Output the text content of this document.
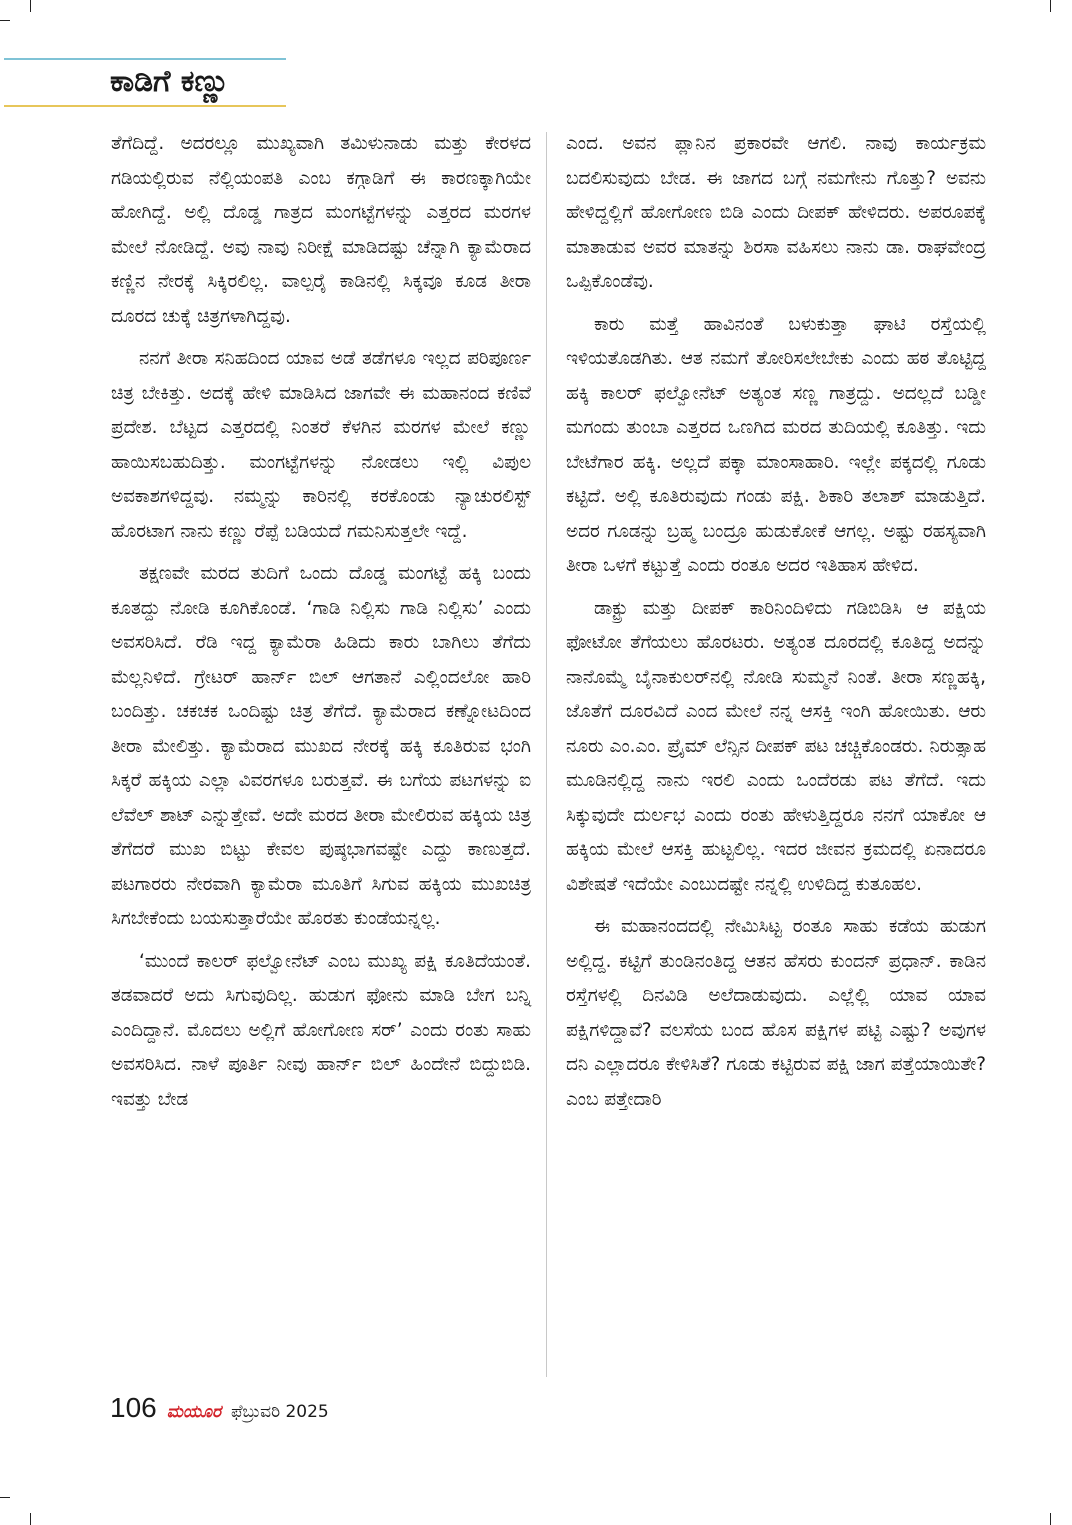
ಕಾಡಿಗೆ ಕಣ್ಣು

ತೆಗೆದಿದ್ದೆ. ಅದರಲ್ಲೂ ಮುಖ್ಯವಾಗಿ ತಮಿಳುನಾಡು ಮತ್ತು ಕೇರಳದ ಗಡಿಯಲ್ಲಿರುವ ನೆಲ್ಲಿಯಂಪತಿ ಎಂಬ ಕಗ್ಗಾಡಿಗೆ ಈ ಕಾರಣಕ್ಕಾಗಿಯೇ ಹೋಗಿದ್ದೆ. ಅಲ್ಲಿ ದೊಡ್ಡ ಗಾತ್ರದ ಮಂಗಟ್ಟೆಗಳನ್ನು ಎತ್ತರದ ಮರಗಳ ಮೇಲೆ ನೋಡಿದ್ದೆ. ಅವು ನಾವು ನಿರೀಕ್ಷೆ ಮಾಡಿದಷ್ಟು ಚೆನ್ನಾಗಿ ಕ್ಯಾಮೆರಾದ ಕಣ್ಣಿನ ನೇರಕ್ಕೆ ಸಿಕ್ಕಿರಲಿಲ್ಲ. ವಾಲ್ಪರೈ ಕಾಡಿನಲ್ಲಿ ಸಿಕ್ಕವೂ ಕೂಡ ತೀರಾ ದೂರದ ಚುಕ್ಕೆ ಚಿತ್ರಗಳಾಗಿದ್ದವು.

ನನಗೆ ತೀರಾ ಸನಿಹದಿಂದ ಯಾವ ಅಡೆ ತಡೆಗಳೂ ಇಲ್ಲದ ಪರಿಪೂರ್ಣ ಚಿತ್ರ ಬೇಕಿತ್ತು. ಅದಕ್ಕೆ ಹೇಳಿ ಮಾಡಿಸಿದ ಜಾಗವೇ ಈ ಮಹಾನಂದ ಕಣಿವೆ ಪ್ರದೇಶ. ಬೆಟ್ಟದ ಎತ್ತರದಲ್ಲಿ ನಿಂತರೆ ಕೆಳಗಿನ ಮರಗಳ ಮೇಲೆ ಕಣ್ಣು ಹಾಯಿಸಬಹುದಿತ್ತು. ಮಂಗಟ್ಟೆಗಳನ್ನು ನೋಡಲು ಇಲ್ಲಿ ವಿಪುಲ ಅವಕಾಶಗಳಿದ್ದವು. ನಮ್ಮನ್ನು ಕಾರಿನಲ್ಲಿ ಕರಕೊಂಡು ನ್ಯಾಚುರಲಿಸ್ಟ್ ಹೊರಟಾಗ ನಾನು ಕಣ್ಣು ರೆಪ್ಪೆ ಬಡಿಯದೆ ಗಮನಿಸುತ್ತಲೇ ಇದ್ದೆ.

ತಕ್ಷಣವೇ ಮರದ ತುದಿಗೆ ಒಂದು ದೊಡ್ಡ ಮಂಗಟ್ಟೆ ಹಕ್ಕಿ ಬಂದು ಕೂತದ್ದು ನೋಡಿ ಕೂಗಿಕೊಂಡೆ. ‘ಗಾಡಿ ನಿಲ್ಲಿಸು ಗಾಡಿ ನಿಲ್ಲಿಸು’ ಎಂದು ಅವಸರಿಸಿದೆ. ರೆಡಿ ಇದ್ದ ಕ್ಯಾಮೆರಾ ಹಿಡಿದು ಕಾರು ಬಾಗಿಲು ತೆಗೆದು ಮೆಲ್ಲನಿಳಿದೆ. ಗ್ರೇಟರ್ ಹಾರ್ನ್ ಬಿಲ್ ಆಗತಾನೆ ಎಲ್ಲಿಂದಲೋ ಹಾರಿ ಬಂದಿತ್ತು. ಚಕಚಕ ಒಂದಿಷ್ಟು ಚಿತ್ರ ತೆಗೆದೆ. ಕ್ಯಾಮೆರಾದ ಕಣ್ನೋಟದಿಂದ ತೀರಾ ಮೇಲಿತ್ತು. ಕ್ಯಾಮೆರಾದ ಮುಖದ ನೇರಕ್ಕೆ ಹಕ್ಕಿ ಕೂತಿರುವ ಭಂಗಿ ಸಿಕ್ಕರೆ ಹಕ್ಕಿಯ ಎಲ್ಲಾ ವಿವರಗಳೂ ಬರುತ್ತವೆ. ಈ ಬಗೆಯ ಪಟಗಳನ್ನು ಐ ಲೆವೆಲ್ ಶಾಟ್ ಎನ್ನುತ್ತೇವೆ. ಅದೇ ಮರದ ತೀರಾ ಮೇಲಿರುವ ಹಕ್ಕಿಯ ಚಿತ್ರ ತೆಗೆದರೆ ಮುಖ ಬಿಟ್ಟು ಕೇವಲ ಪುಷ್ಠಭಾಗವಷ್ಟೇ ಎದ್ದು ಕಾಣುತ್ತದೆ. ಪಟಗಾರರು ನೇರವಾಗಿ ಕ್ಯಾಮೆರಾ ಮೂತಿಗೆ ಸಿಗುವ ಹಕ್ಕಿಯ ಮುಖಚಿತ್ರ ಸಿಗಬೇಕೆಂದು ಬಯಸುತ್ತಾರೆಯೇ ಹೊರತು ಕುಂಡೆಯನ್ನಲ್ಲ.

‘ಮುಂದೆ ಕಾಲರ್ ಫಲ್ವೋನೆಟ್ ಎಂಬ ಮುಖ್ಯ ಪಕ್ಷಿ ಕೂತಿದೆಯಂತೆ. ತಡವಾದರೆ ಅದು ಸಿಗುವುದಿಲ್ಲ. ಹುಡುಗ ಫೋನು ಮಾಡಿ ಬೇಗ ಬನ್ನಿ ಎಂದಿದ್ದಾನೆ. ಮೊದಲು ಅಲ್ಲಿಗೆ ಹೋಗೋಣ ಸರ್’ ಎಂದು ರಂತು ಸಾಹು ಅವಸರಿಸಿದ. ನಾಳೆ ಪೂರ್ತಿ ನೀವು ಹಾರ್ನ್ ಬಿಲ್ ಹಿಂದೇನೆ ಬಿದ್ದುಬಿಡಿ. ಇವತ್ತು ಬೇಡ

ಎಂದ. ಅವನ ಪ್ಲಾನಿನ ಪ್ರಕಾರವೇ ಆಗಲಿ. ನಾವು ಕಾರ್ಯಕ್ರಮ ಬದಲಿಸುವುದು ಬೇಡ. ಈ ಜಾಗದ ಬಗ್ಗೆ ನಮಗೇನು ಗೊತ್ತು? ಅವನು ಹೇಳಿದ್ದಲ್ಲಿಗೆ ಹೋಗೋಣ ಬಿಡಿ ಎಂದು ದೀಪಕ್ ಹೇಳಿದರು. ಅಪರೂಪಕ್ಕೆ ಮಾತಾಡುವ ಅವರ ಮಾತನ್ನು ಶಿರಸಾ ವಹಿಸಲು ನಾನು ಡಾ. ರಾಘವೇಂದ್ರ ಒಪ್ಪಿಕೊಂಡೆವು.

ಕಾರು ಮತ್ತೆ ಹಾವಿನಂತೆ ಬಳುಕುತ್ತಾ ಘಾಟಿ ರಸ್ತೆಯಲ್ಲಿ ಇಳಿಯತೊಡಗಿತು. ಆತ ನಮಗೆ ತೋರಿಸಲೇಬೇಕು ಎಂದು ಹಠ ತೊಟ್ಟಿದ್ದ ಹಕ್ಕಿ ಕಾಲರ್ ಫಲ್ವೋನೆಟ್ ಅತ್ಯಂತ ಸಣ್ಣ ಗಾತ್ರದ್ದು. ಅದಲ್ಲದೆ ಬಡ್ಡೀ ಮಗಂದು ತುಂಬಾ ಎತ್ತರದ ಒಣಗಿದ ಮರದ ತುದಿಯಲ್ಲಿ ಕೂತಿತ್ತು. ಇದು ಬೇಟೆಗಾರ ಹಕ್ಕಿ. ಅಲ್ಲದೆ ಪಕ್ಕಾ ಮಾಂಸಾಹಾರಿ. ಇಲ್ಲೇ ಪಕ್ಕದಲ್ಲಿ ಗೂಡು ಕಟ್ಟಿದೆ. ಅಲ್ಲಿ ಕೂತಿರುವುದು ಗಂಡು ಪಕ್ಷಿ. ಶಿಕಾರಿ ತಲಾಶ್ ಮಾಡುತ್ತಿದೆ. ಅದರ ಗೂಡನ್ನು ಬ್ರಹ್ಮ ಬಂದ್ರೂ ಹುಡುಕೋಕೆ ಆಗಲ್ಲ. ಅಷ್ಟು ರಹಸ್ಯವಾಗಿ ತೀರಾ ಒಳಗೆ ಕಟ್ಟುತ್ತೆ ಎಂದು ರಂತೂ ಅದರ ಇತಿಹಾಸ ಹೇಳಿದ.

ಡಾಕ್ಟ್ರು ಮತ್ತು ದೀಪಕ್ ಕಾರಿನಿಂದಿಳಿದು ಗಡಿಬಿಡಿಸಿ ಆ ಪಕ್ಷಿಯ ಫೋಟೋ ತೆಗೆಯಲು ಹೊರಟರು. ಅತ್ಯಂತ ದೂರದಲ್ಲಿ ಕೂತಿದ್ದ ಅದನ್ನು ನಾನೊಮ್ಮೆ ಬೈನಾಕುಲರ್‌ನಲ್ಲಿ ನೋಡಿ ಸುಮ್ಮನೆ ನಿಂತೆ. ತೀರಾ ಸಣ್ಣಹಕ್ಕಿ, ಜೊತೆಗೆ ದೂರವಿದೆ ಎಂದ ಮೇಲೆ ನನ್ನ ಆಸಕ್ತಿ ಇಂಗಿ ಹೋಯಿತು. ಆರು ನೂರು ಎಂ.ಎಂ. ಪ್ರೈಮ್ ಲೆನ್ಸಿನ ದೀಪಕ್ ಪಟ ಚಚ್ಚಿಕೊಂಡರು. ನಿರುತ್ಸಾಹ ಮೂಡಿನಲ್ಲಿದ್ದ ನಾನು ಇರಲಿ ಎಂದು ಒಂದೆರಡು ಪಟ ತೆಗೆದೆ. ಇದು ಸಿಕ್ಕುವುದೇ ದುರ್ಲಭ ಎಂದು ರಂತು ಹೇಳುತ್ತಿದ್ದರೂ ನನಗೆ ಯಾಕೋ ಆ ಹಕ್ಕಿಯ ಮೇಲೆ ಆಸಕ್ತಿ ಹುಟ್ಟಲಿಲ್ಲ. ಇದರ ಜೀವನ ಕ್ರಮದಲ್ಲಿ ಏನಾದರೂ ವಿಶೇಷತೆ ಇದೆಯೇ ಎಂಬುದಷ್ಟೇ ನನ್ನಲ್ಲಿ ಉಳಿದಿದ್ದ ಕುತೂಹಲ.

ಈ ಮಹಾನಂದದಲ್ಲಿ ನೇಮಿಸಿಟ್ಟ ರಂತೂ ಸಾಹು ಕಡೆಯ ಹುಡುಗ ಅಲ್ಲಿದ್ದ. ಕಟ್ಟಿಗೆ ತುಂಡಿನಂತಿದ್ದ ಆತನ ಹೆಸರು ಕುಂದನ್ ಪ್ರಧಾನ್. ಕಾಡಿನ ರಸ್ತೆಗಳಲ್ಲಿ ದಿನವಿಡಿ ಅಲೆದಾಡುವುದು. ಎಲ್ಲೆಲ್ಲಿ ಯಾವ ಯಾವ ಪಕ್ಷಿಗಳಿದ್ದಾವೆ? ವಲಸೆಯ ಬಂದ ಹೊಸ ಪಕ್ಷಿಗಳ ಪಟ್ಟಿ ಎಷ್ಟು? ಅವುಗಳ ದನಿ ಎಲ್ಲಾದರೂ ಕೇಳಿಸಿತೆ? ಗೂಡು ಕಟ್ಟಿರುವ ಪಕ್ಷಿ ಜಾಗ ಪತ್ತೆಯಾಯಿತೇ? ಎಂಬ ಪತ್ತೇದಾರಿ

106 ಮಯೂರ ಫೆಬ್ರುವರಿ 2025
